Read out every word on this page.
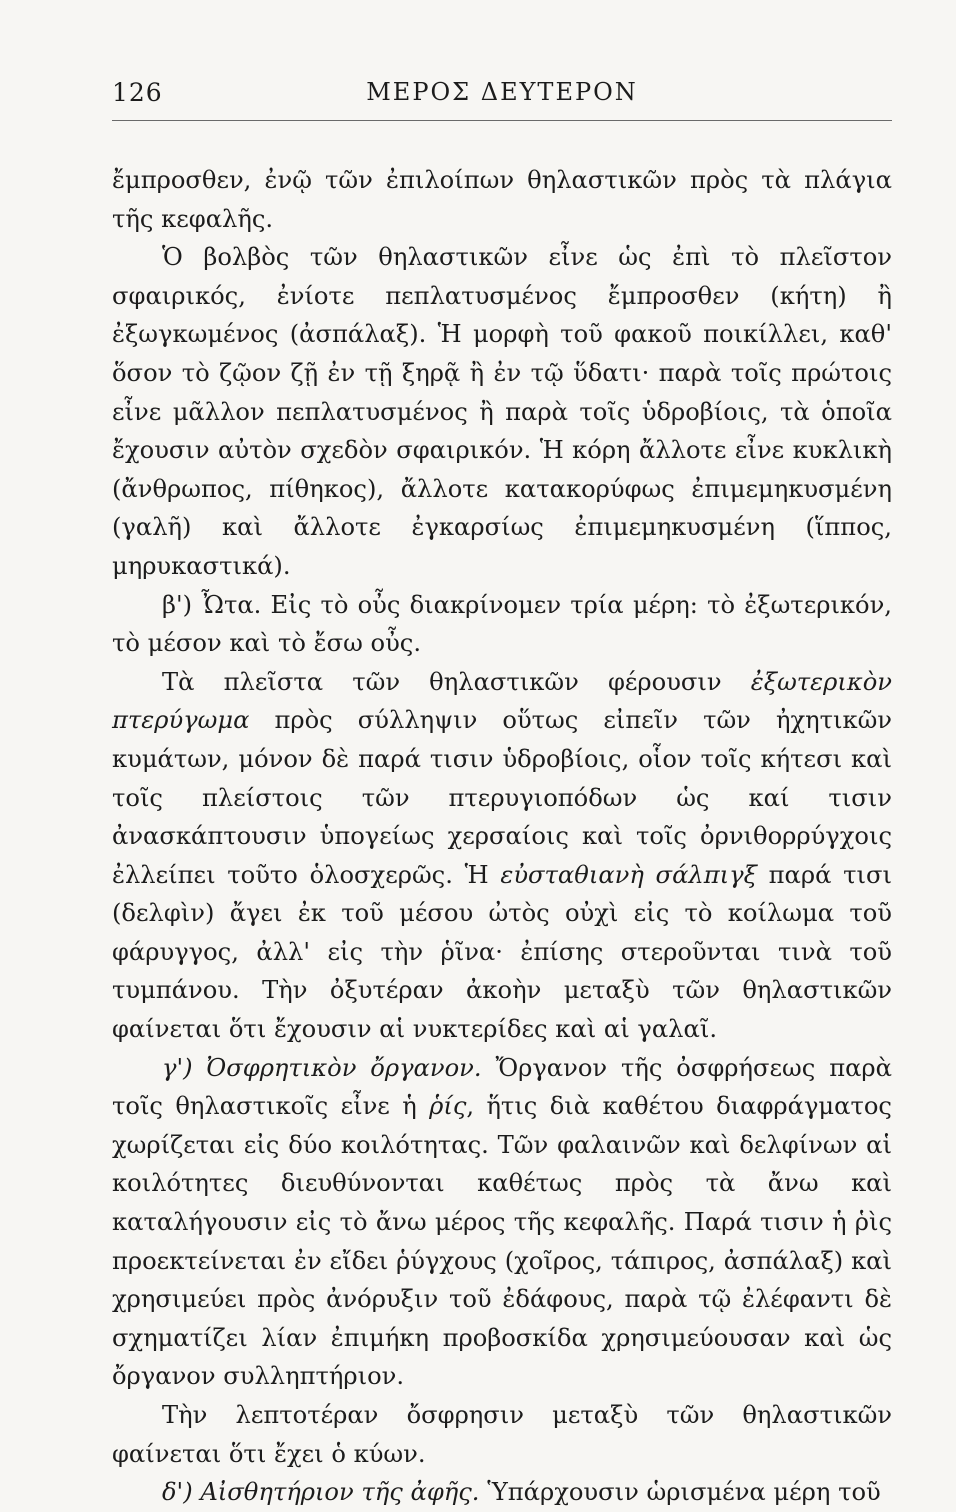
126	ΜΕΡΟΣ ΔΕΥΤΕΡΟΝ

ἔμπροσθεν, ἐνῷ τῶν ἐπιλοίπων θηλαστικῶν πρὸς τὰ πλάγια τῆς κεφαλῆς.

Ὁ βολβὸς τῶν θηλαστικῶν εἶνε ὡς ἐπὶ τὸ πλεῖστον σφαιρικός, ἐνίοτε πεπλατυσμένος ἔμπροσθεν (κήτη) ἢ ἐξωγκωμένος (ἀσπάλαξ). Ἡ μορφὴ τοῦ φακοῦ ποικίλλει, καθ' ὅσον τὸ ζῷον ζῇ ἐν τῇ ξηρᾷ ἢ ἐν τῷ ὕδατι· παρὰ τοῖς πρώτοις εἶνε μᾶλλον πεπλατυσμένος ἢ παρὰ τοῖς ὑδροβίοις, τὰ ὁποῖα ἔχουσιν αὐτὸν σχεδὸν σφαιρικόν. Ἡ κόρη ἄλλοτε εἶνε κυκλικὴ (ἄνθρωπος, πίθηκος), ἄλλοτε κατακορύφως ἐπιμεμηκυσμένη (γαλῆ) καὶ ἄλλοτε ἐγκαρσίως ἐπιμεμηκυσμένη (ἵππος, μηρυκαστικά).

β') Ὦτα. Εἰς τὸ οὖς διακρίνομεν τρία μέρη: τὸ ἐξωτερικόν, τὸ μέσον καὶ τὸ ἔσω οὖς.

Τὰ πλεῖστα τῶν θηλαστικῶν φέρουσιν ἐξωτερικὸν πτερύγωμα πρὸς σύλληψιν οὕτως εἰπεῖν τῶν ἠχητικῶν κυμάτων, μόνον δὲ παρά τισιν ὑδροβίοις, οἷον τοῖς κήτεσι καὶ τοῖς πλείστοις τῶν πτερυγιοπόδων ὡς καί τισιν ἀνασκάπτουσιν ὑπογείως χερσαίοις καὶ τοῖς ὀρνιθορρύγχοις ἐλλείπει τοῦτο ὁλοσχερῶς. Ἡ εὐσταθιανὴ σάλπιγξ παρά τισι (δελφὶν) ἄγει ἐκ τοῦ μέσου ὠτὸς οὐχὶ εἰς τὸ κοίλωμα τοῦ φάρυγγος, ἀλλ' εἰς τὴν ῥῖνα· ἐπίσης στεροῦνται τινὰ τοῦ τυμπάνου. Τὴν ὀξυτέραν ἀκοὴν μεταξὺ τῶν θηλαστικῶν φαίνεται ὅτι ἔχουσιν αἱ νυκτερίδες καὶ αἱ γαλαῖ.

γ') Ὀσφρητικὸν ὄργανον. Ὄργανον τῆς ὀσφρήσεως παρὰ τοῖς θηλαστικοῖς εἶνε ἡ ῥίς, ἥτις διὰ καθέτου διαφράγματος χωρίζεται εἰς δύο κοιλότητας. Τῶν φαλαινῶν καὶ δελφίνων αἱ κοιλότητες διευθύνονται καθέτως πρὸς τὰ ἄνω καὶ καταλήγουσιν εἰς τὸ ἄνω μέρος τῆς κεφαλῆς. Παρά τισιν ἡ ῥὶς προεκτείνεται ἐν εἴδει ῥύγχους (χοῖρος, τάπιρος, ἀσπάλαξ) καὶ χρησιμεύει πρὸς ἀνόρυξιν τοῦ ἐδάφους, παρὰ τῷ ἐλέφαντι δὲ σχηματίζει λίαν ἐπιμήκη προβοσκίδα χρησιμεύουσαν καὶ ὡς ὄργανον συλληπτήριον.

Τὴν λεπτοτέραν ὄσφρησιν μεταξὺ τῶν θηλαστικῶν φαίνεται ὅτι ἔχει ὁ κύων.

δ') Αἰσθητήριον τῆς ἀφῆς. Ὑπάρχουσιν ὡρισμένα μέρη τοῦ
